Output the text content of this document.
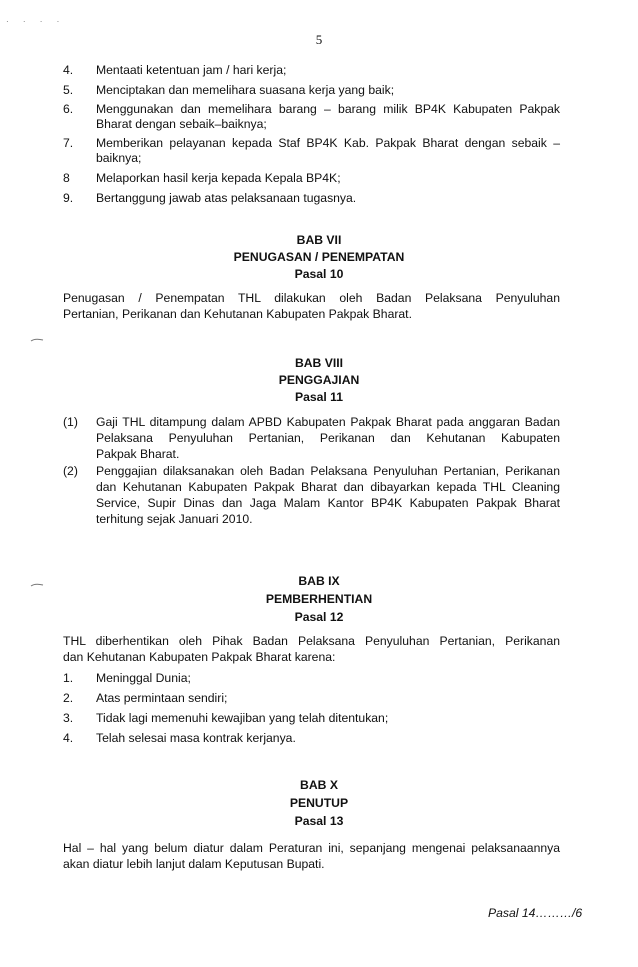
· · · ·
5
4.	Mentaati ketentuan jam / hari kerja;
5.	Menciptakan dan memelihara suasana kerja yang baik;
6.	Menggunakan dan memelihara barang – barang milik BP4K Kabupaten Pakpak
Bharat dengan sebaik–baiknya;
7.	Memberikan pelayanan kepada Staf BP4K Kab. Pakpak Bharat dengan sebaik –
baiknya;
8	Melaporkan hasil kerja kepada Kepala BP4K;
9.	Bertanggung jawab atas pelaksanaan tugasnya.
BAB VII
PENUGASAN / PENEMPATAN
Pasal 10
Penugasan / Penempatan THL dilakukan oleh Badan Pelaksana Penyuluhan
Pertanian, Perikanan dan Kehutanan Kabupaten Pakpak Bharat.
BAB VIII
PENGGAJIAN
Pasal 11
(1)	Gaji THL ditampung dalam APBD Kabupaten Pakpak Bharat pada anggaran Badan
Pelaksana Penyuluhan Pertanian, Perikanan dan Kehutanan Kabupaten
Pakpak Bharat.
(2)	Penggajian dilaksanakan oleh Badan Pelaksana Penyuluhan Pertanian, Perikanan
dan Kehutanan Kabupaten Pakpak Bharat dan dibayarkan kepada THL Cleaning
Service, Supir Dinas dan Jaga Malam Kantor BP4K Kabupaten Pakpak Bharat
terhitung sejak Januari 2010.
BAB IX
PEMBERHENTIAN
Pasal 12
THL diberhentikan oleh Pihak Badan Pelaksana Penyuluhan Pertanian, Perikanan
dan Kehutanan Kabupaten Pakpak Bharat karena:
1.	Meninggal Dunia;
2.	Atas permintaan sendiri;
3.	Tidak lagi memenuhi kewajiban yang telah ditentukan;
4.	Telah selesai masa kontrak kerjanya.
BAB X
PENUTUP
Pasal 13
Hal – hal yang belum diatur dalam Peraturan ini, sepanjang mengenai pelaksanaannya
akan diatur lebih lanjut dalam Keputusan Bupati.
Pasal 14………/6
